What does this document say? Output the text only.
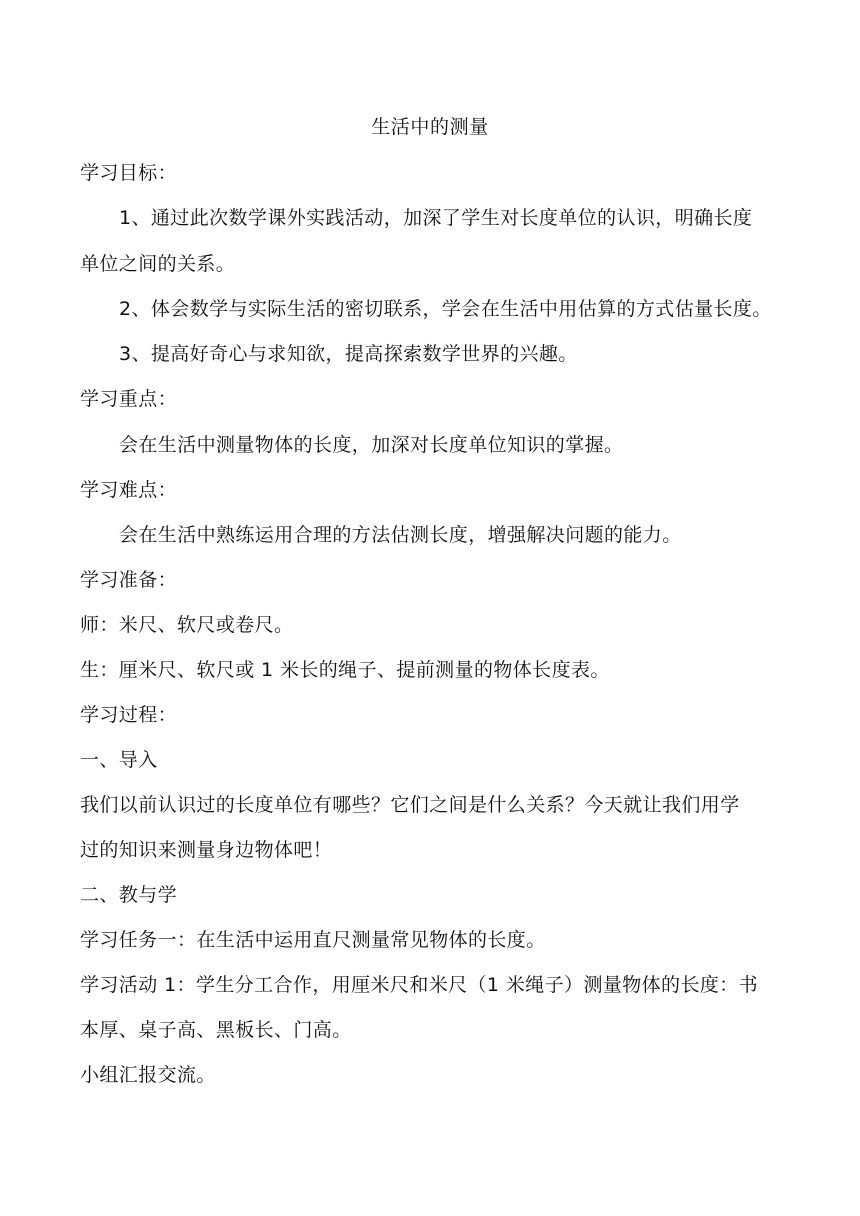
生活中的测量
学习目标：
1、通过此次数学课外实践活动，加深了学生对长度单位的认识，明确长度
单位之间的关系。
2、体会数学与实际生活的密切联系，学会在生活中用估算的方式估量长度。
3、提高好奇心与求知欲，提高探索数学世界的兴趣。
学习重点：
会在生活中测量物体的长度，加深对长度单位知识的掌握。
学习难点：
会在生活中熟练运用合理的方法估测长度，增强解决问题的能力。
学习准备：
师：米尺、软尺或卷尺。
生：厘米尺、软尺或 1 米长的绳子、提前测量的物体长度表。
学习过程：
一、导入
我们以前认识过的长度单位有哪些？它们之间是什么关系？今天就让我们用学
过的知识来测量身边物体吧！
二、教与学
学习任务一：在生活中运用直尺测量常见物体的长度。
学习活动 1：学生分工合作，用厘米尺和米尺（1 米绳子）测量物体的长度：书
本厚、桌子高、黑板长、门高。
小组汇报交流。
